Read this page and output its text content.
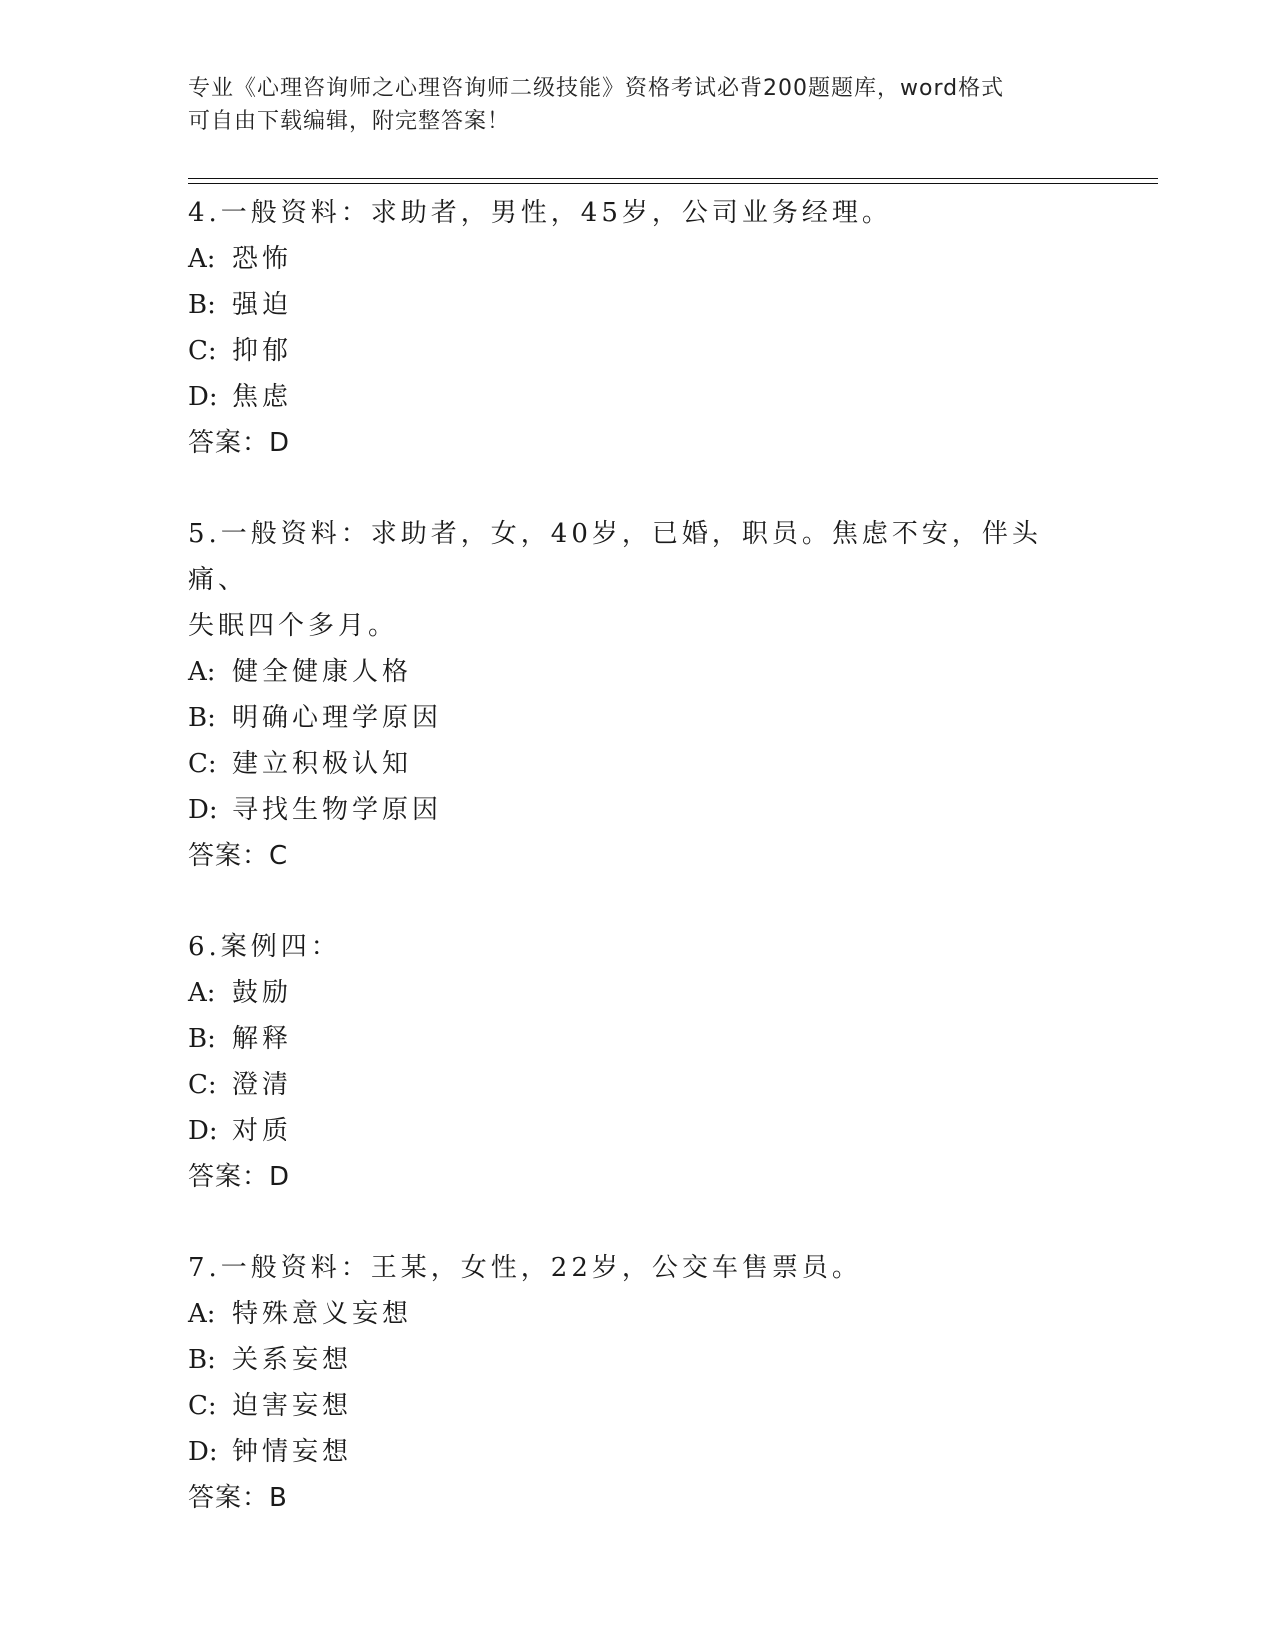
专业《心理咨询师之心理咨询师二级技能》资格考试必背200题题库，word格式
可自由下载编辑，附完整答案！
4.一般资料：求助者，男性，45岁，公司业务经理。
A: 恐怖
B: 强迫
C: 抑郁
D: 焦虑
答案：D
5.一般资料：求助者，女，40岁，已婚，职员。焦虑不安，伴头痛、
失眠四个多月。
A: 健全健康人格
B: 明确心理学原因
C: 建立积极认知
D: 寻找生物学原因
答案：C
6.案例四：
A: 鼓励
B: 解释
C: 澄清
D: 对质
答案：D
7.一般资料：王某，女性，22岁，公交车售票员。
A: 特殊意义妄想
B: 关系妄想
C: 迫害妄想
D: 钟情妄想
答案：B
